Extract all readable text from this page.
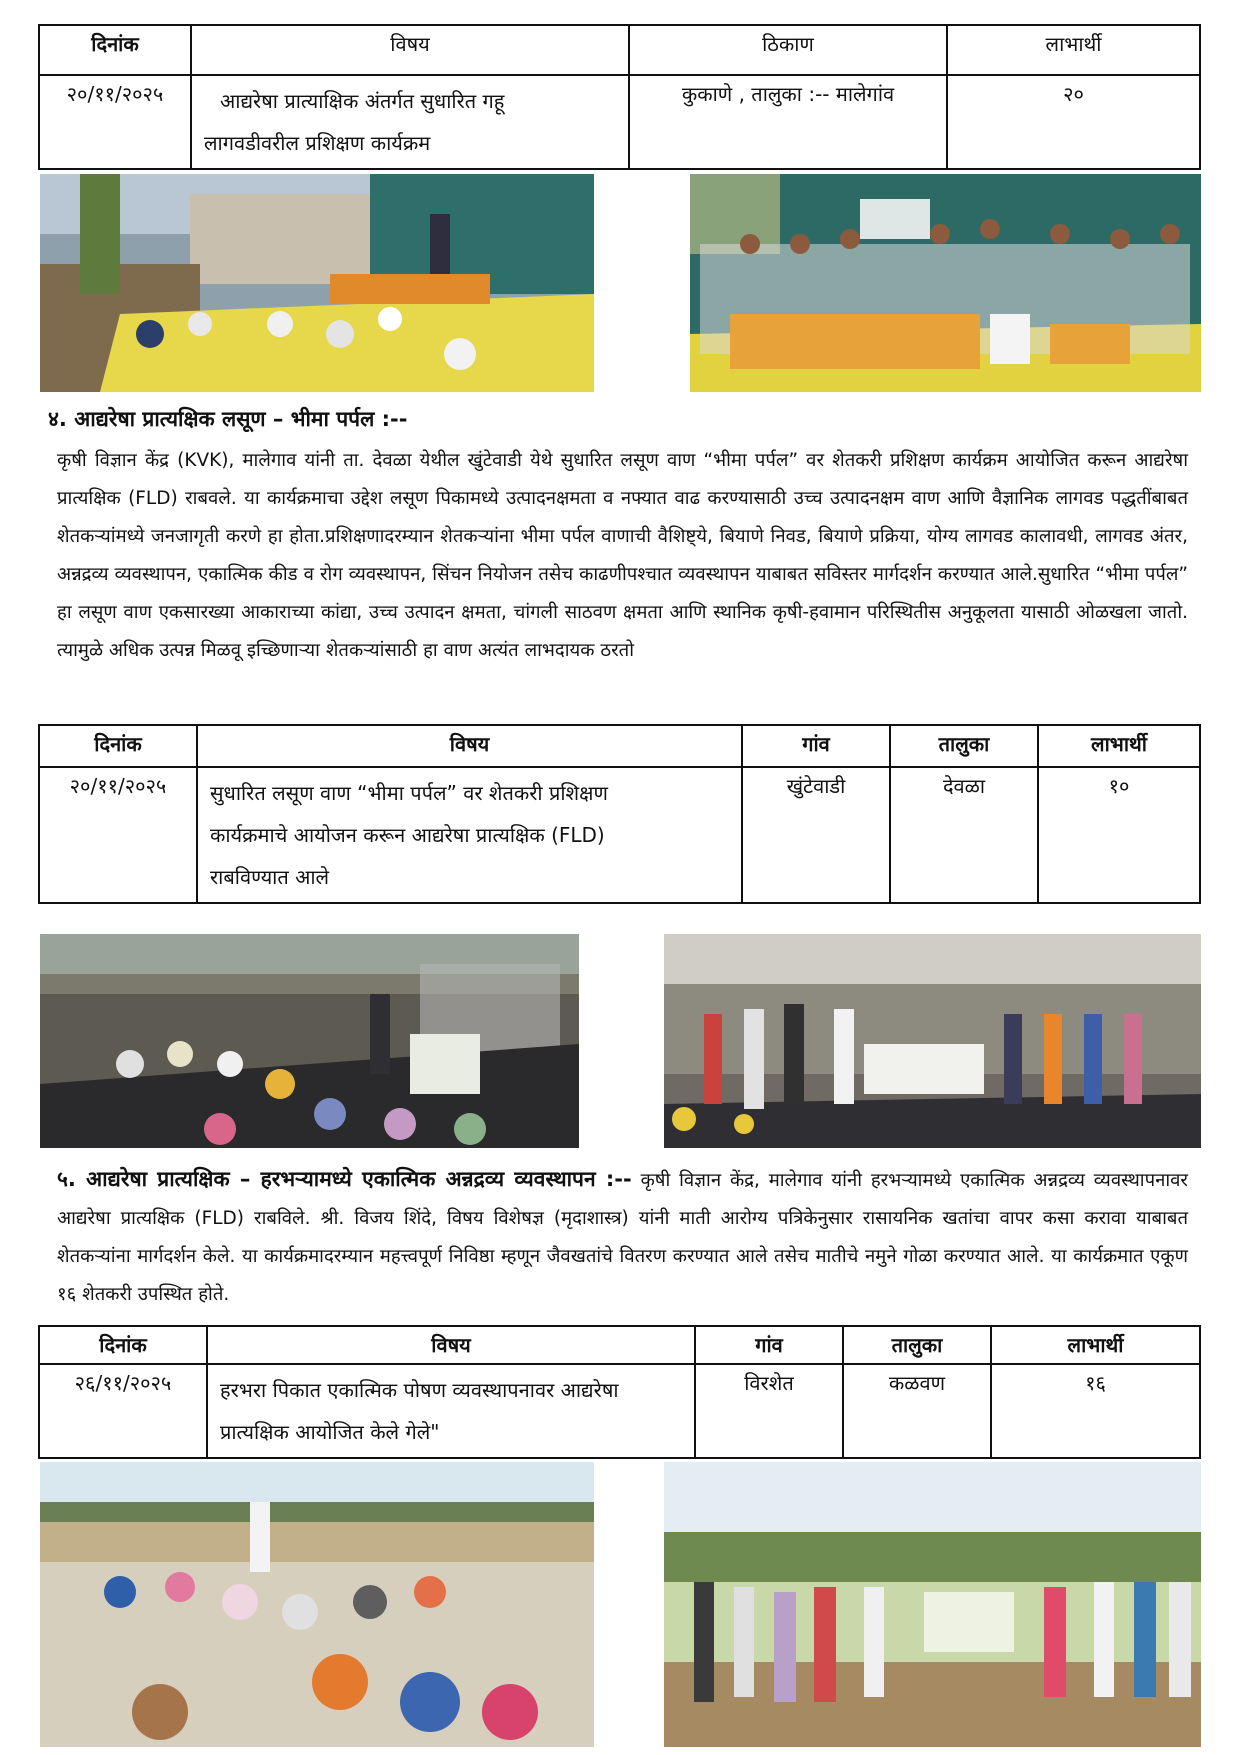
दिनांक	विषय	ठिकाण	लाभार्थी
२०/११/२०२५	आद्यरेषा प्रात्याक्षिक अंतर्गत सुधारित गहू
लागवडीवरील प्रशिक्षण कार्यक्रम	कुकाणे , तालुका :-- मालेगांव	२०
४. आद्यरेषा प्रात्यक्षिक लसूण – भीमा पर्पल :--
कृषी विज्ञान केंद्र (KVK), मालेगाव यांनी ता. देवळा येथील खुंटेवाडी येथे सुधारित लसूण वाण “भीमा पर्पल” वर शेतकरी प्रशिक्षण कार्यक्रम आयोजित करून आद्यरेषा प्रात्यक्षिक (FLD) राबवले. या कार्यक्रमाचा उद्देश लसूण पिकामध्ये उत्पादनक्षमता व नफ्यात वाढ करण्यासाठी उच्च उत्पादनक्षम वाण आणि वैज्ञानिक लागवड पद्धतींबाबत शेतकऱ्यांमध्ये जनजागृती करणे हा होता.प्रशिक्षणादरम्यान शेतकऱ्यांना भीमा पर्पल वाणाची वैशिष्ट्ये, बियाणे निवड, बियाणे प्रक्रिया, योग्य लागवड कालावधी, लागवड अंतर, अन्नद्रव्य व्यवस्थापन, एकात्मिक कीड व रोग व्यवस्थापन, सिंचन नियोजन तसेच काढणीपश्चात व्यवस्थापन याबाबत सविस्तर मार्गदर्शन करण्यात आले.सुधारित “भीमा पर्पल” हा लसूण वाण एकसारख्या आकाराच्या कांद्या, उच्च उत्पादन क्षमता, चांगली साठवण क्षमता आणि स्थानिक कृषी-हवामान परिस्थितीस अनुकूलता यासाठी ओळखला जातो. त्यामुळे अधिक उत्पन्न मिळवू इच्छिणाऱ्या शेतकऱ्यांसाठी हा वाण अत्यंत लाभदायक ठरतो
दिनांक	विषय	गांव	तालुका	लाभार्थी
२०/११/२०२५	सुधारित लसूण वाण “भीमा पर्पल” वर शेतकरी प्रशिक्षण
कार्यक्रमाचे आयोजन करून आद्यरेषा प्रात्यक्षिक (FLD)
राबविण्यात आले	खुंटेवाडी	देवळा	१०
५. आद्यरेषा प्रात्यक्षिक – हरभऱ्यामध्ये एकात्मिक अन्नद्रव्य व्यवस्थापन :-- कृषी विज्ञान केंद्र, मालेगाव यांनी हरभऱ्यामध्ये एकात्मिक अन्नद्रव्य व्यवस्थापनावर आद्यरेषा प्रात्यक्षिक (FLD) राबविले. श्री. विजय शिंदे, विषय विशेषज्ञ (मृदाशास्त्र) यांनी माती आरोग्य पत्रिकेनुसार रासायनिक खतांचा वापर कसा करावा याबाबत शेतकऱ्यांना मार्गदर्शन केले. या कार्यक्रमादरम्यान महत्त्वपूर्ण निविष्ठा म्हणून जैवखतांचे वितरण करण्यात आले तसेच मातीचे नमुने गोळा करण्यात आले. या कार्यक्रमात एकूण १६ शेतकरी उपस्थित होते.
दिनांक	विषय	गांव	तालुका	लाभार्थी
२६/११/२०२५	हरभरा पिकात एकात्मिक पोषण व्यवस्थापनावर आद्यरेषा
प्रात्यक्षिक आयोजित केले गेले"	विरशेत	कळवण	१६
